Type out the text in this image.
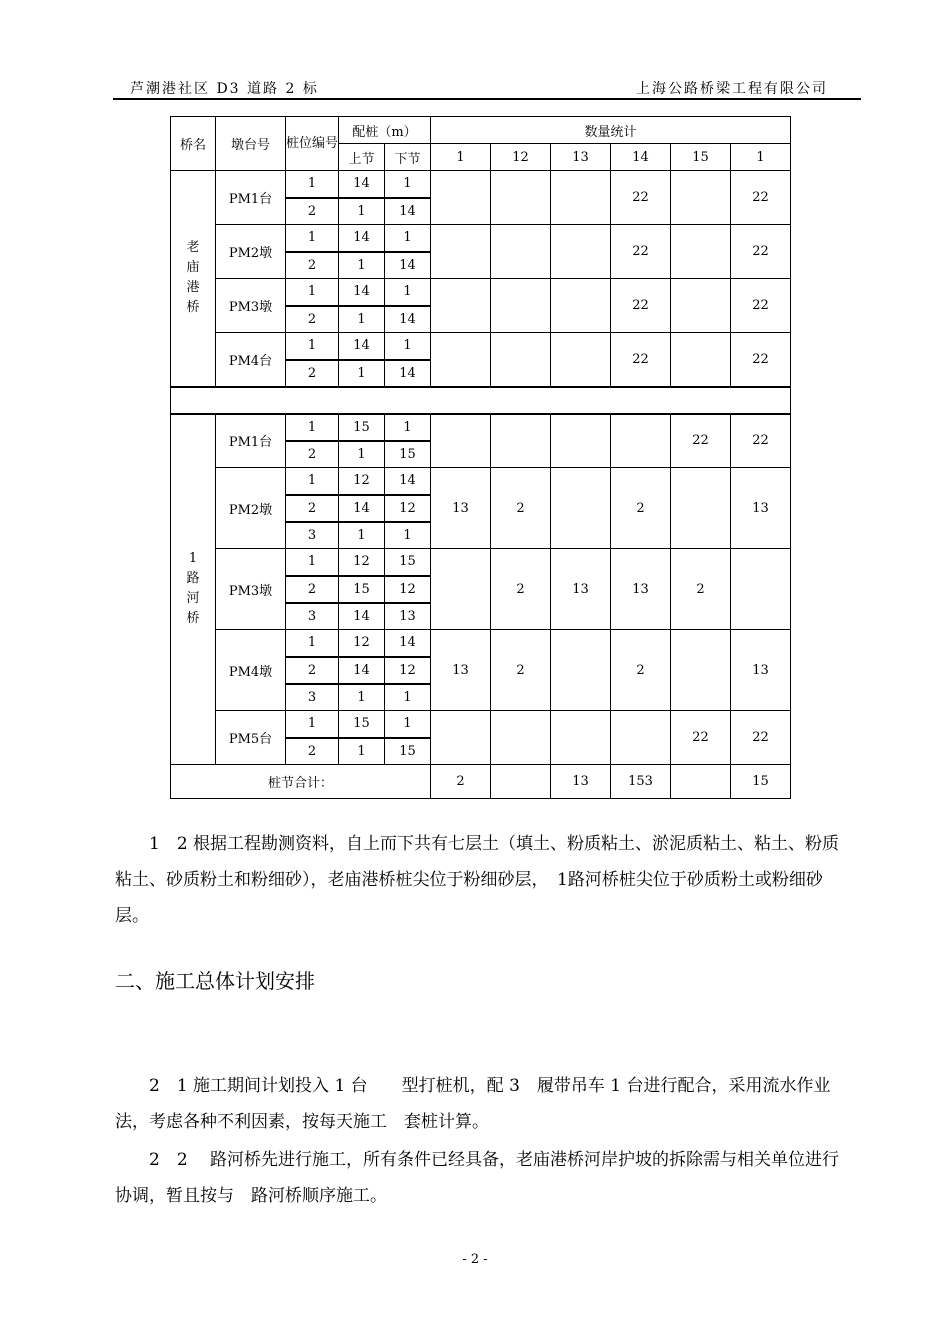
芦潮港社区 D3 道路 2 标	上海公路桥梁工程有限公司
桥名	墩台号	桩位编号	配桩（m）		数量统计					
			上节	下节	1	12	13	14	15	1

老庙港桥	PM1台	1	14	1				22		22
		2	1	14						
	PM2墩	1	14	1				22		22
		2	1	14						
	PM3墩	1	14	1				22		22
		2	1	14						
	PM4台	1	14	1				22		22
		2	1	14						

1路河桥	PM1台	1	15	1					22	22
		2	1	15						
	PM2墩	1	12	14	13	2		2		13
		2	14	12						
		3	1	1						
	PM3墩	1	12	15		2	13	13	2	
		2	15	12						
		3	14	13						
	PM4墩	1	12	14	13	2		2		13
		2	14	12						
		3	1	1						
	PM5台	1	15	1					22	22
		2	1	15						
桩节合计：					2		13	153		15
1　2 根据工程勘测资料，自上而下共有七层土（填土、粉质粘土、淤泥质粘土、粘土、粉质粘土、砂质粉土和粉细砂），老庙港桥桩尖位于粉细砂层，　1路河桥桩尖位于砂质粉土或粉细砂层。
二、施工总体计划安排
2　1 施工期间计划投入 1 台　　型打桩机，配 3　履带吊车 1 台进行配合，采用流水作业法，考虑各种不利因素，按每天施工　套桩计算。
2　2 　路河桥先进行施工，所有条件已经具备，老庙港桥河岸护坡的拆除需与相关单位进行协调，暂且按与　路河桥顺序施工。
- 2 -
